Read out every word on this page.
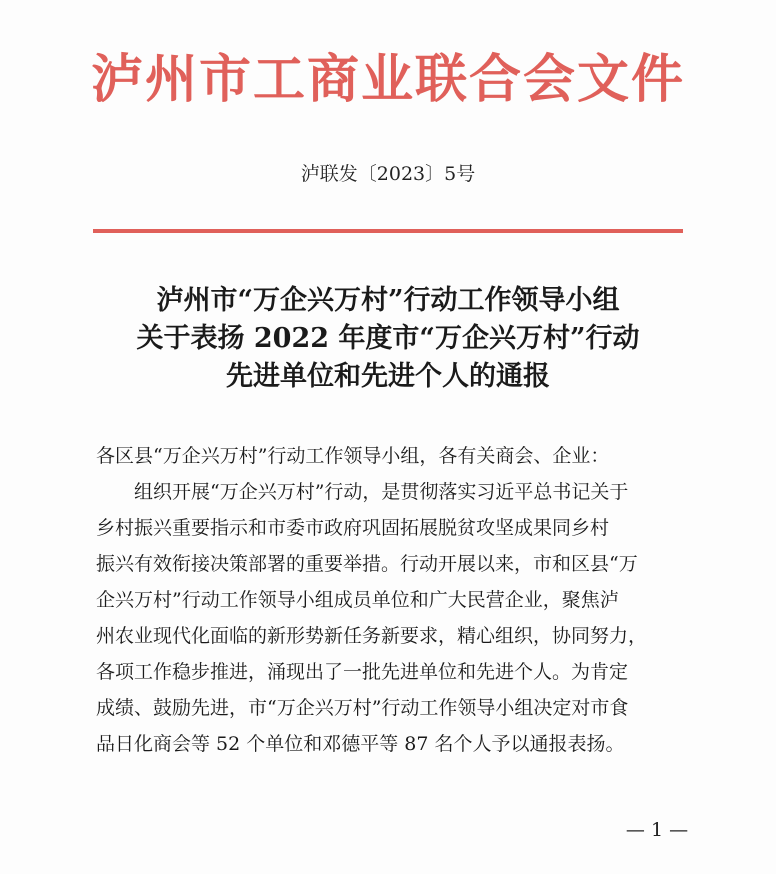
泸州市工商业联合会文件
泸联发〔2023〕5号
泸州市“万企兴万村”行动工作领导小组
关于表扬 2022 年度市“万企兴万村”行动
先进单位和先进个人的通报

各区县“万企兴万村”行动工作领导小组，各有关商会、企业：

组织开展“万企兴万村”行动，是贯彻落实习近平总书记关于

乡村振兴重要指示和市委市政府巩固拓展脱贫攻坚成果同乡村

振兴有效衔接决策部署的重要举措。行动开展以来，市和区县“万

企兴万村”行动工作领导小组成员单位和广大民营企业，聚焦泸

州农业现代化面临的新形势新任务新要求，精心组织，协同努力，

各项工作稳步推进，涌现出了一批先进单位和先进个人。为肯定

成绩、鼓励先进，市“万企兴万村”行动工作领导小组决定对市食

品日化商会等 52 个单位和邓德平等 87 名个人予以通报表扬。

— 1 —
